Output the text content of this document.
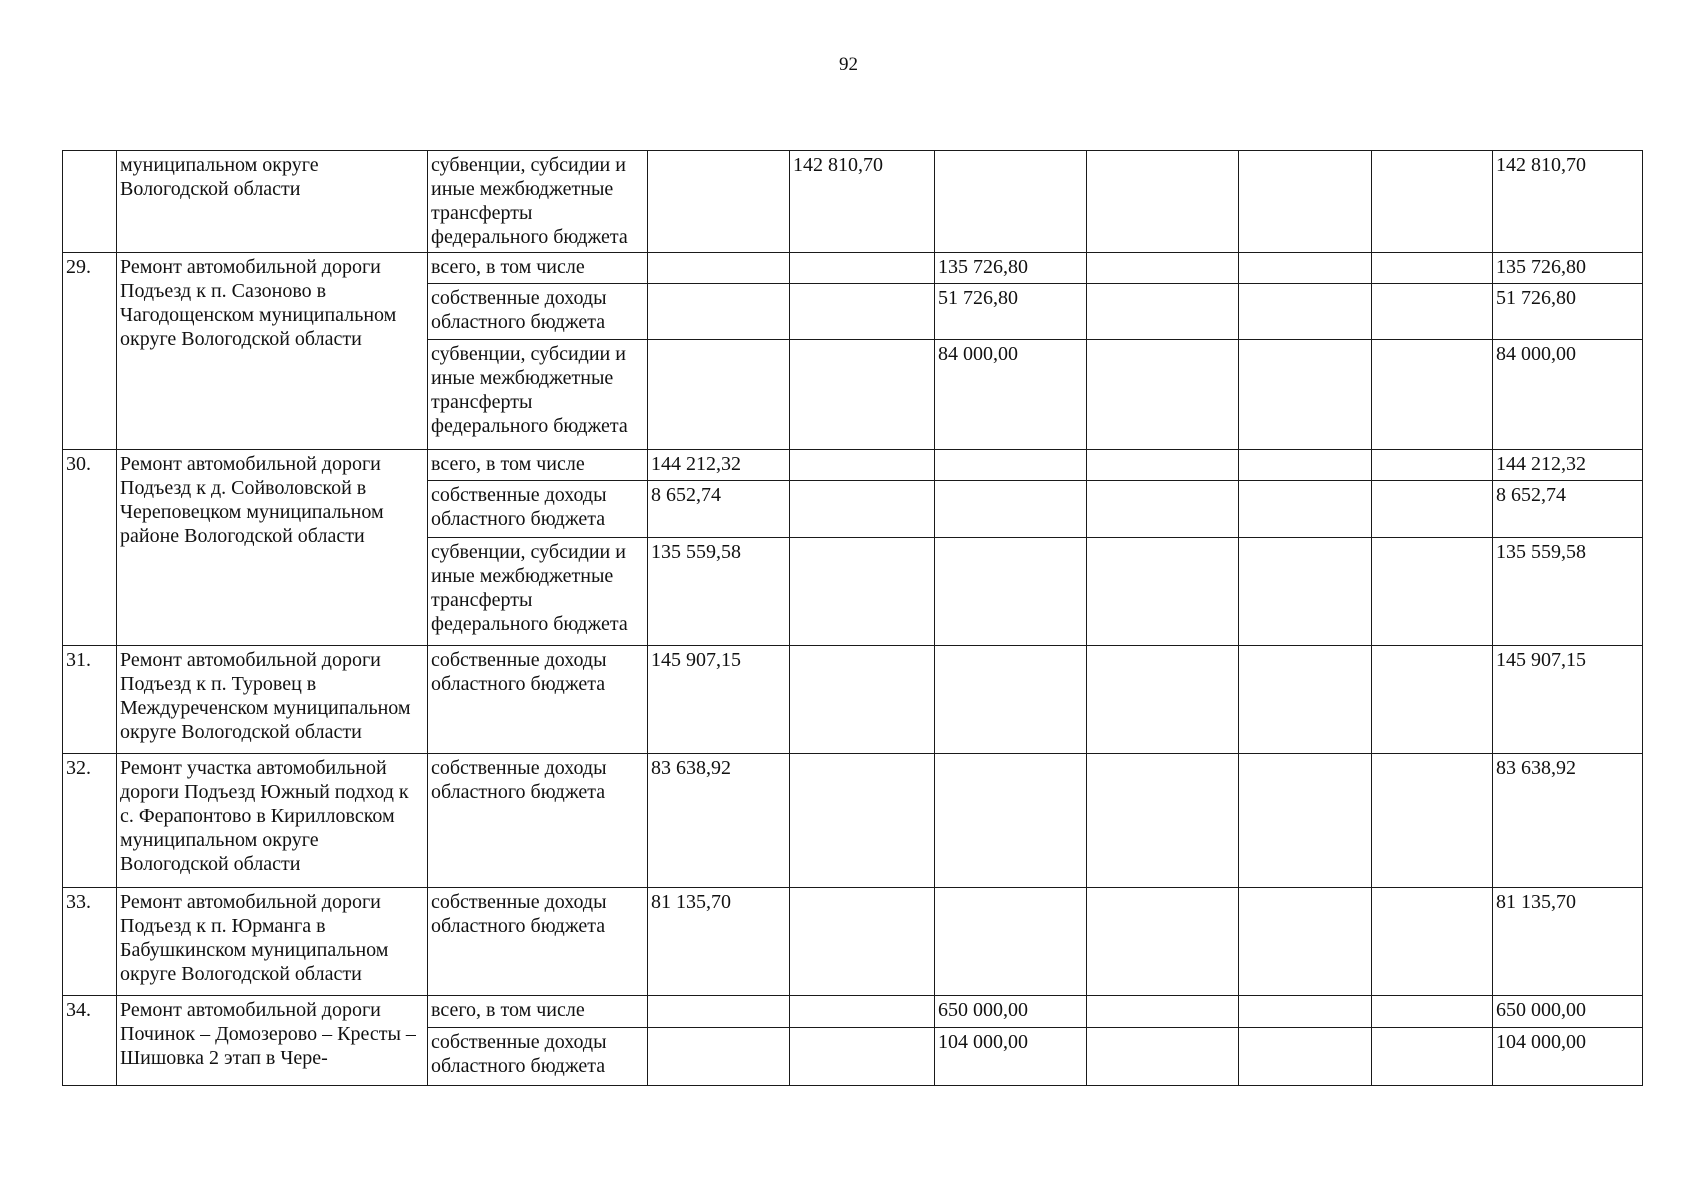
92
	муниципальном округе Вологодской области	субвенции, субсидии и иные межбюджетные трансферты федерального бюджета		142 810,70					142 810,70
29.	Ремонт автомобильной дороги Подъезд к п. Сазоново в Чагодощенском муниципальном округе Вологодской области	всего, в том числе			135 726,80				135 726,80
		собственные доходы областного бюджета			51 726,80				51 726,80
		субвенции, субсидии и иные межбюджетные трансферты федерального бюджета			84 000,00				84 000,00
30.	Ремонт автомобильной дороги Подъезд к д. Сойволовской в Череповецком муниципальном районе Вологодской области	всего, в том числе	144 212,32						144 212,32
		собственные доходы областного бюджета	8 652,74						8 652,74
		субвенции, субсидии и иные межбюджетные трансферты федерального бюджета	135 559,58						135 559,58
31.	Ремонт автомобильной дороги Подъезд к п. Туровец в Междуреченском муниципальном округе Вологодской области	собственные доходы областного бюджета	145 907,15						145 907,15
32.	Ремонт участка автомобильной дороги Подъезд Южный подход к с. Ферапонтово в Кирилловском муниципальном округе Вологодской области	собственные доходы областного бюджета	83 638,92						83 638,92
33.	Ремонт автомобильной дороги Подъезд к п. Юрманга в Бабушкинском муниципальном округе Вологодской области	собственные доходы областного бюджета	81 135,70						81 135,70
34.	Ремонт автомобильной дороги Починок – Домозерово – Кресты – Шишовка 2 этап в Чере-	всего, в том числе			650 000,00				650 000,00
		собственные доходы областного бюджета			104 000,00				104 000,00
